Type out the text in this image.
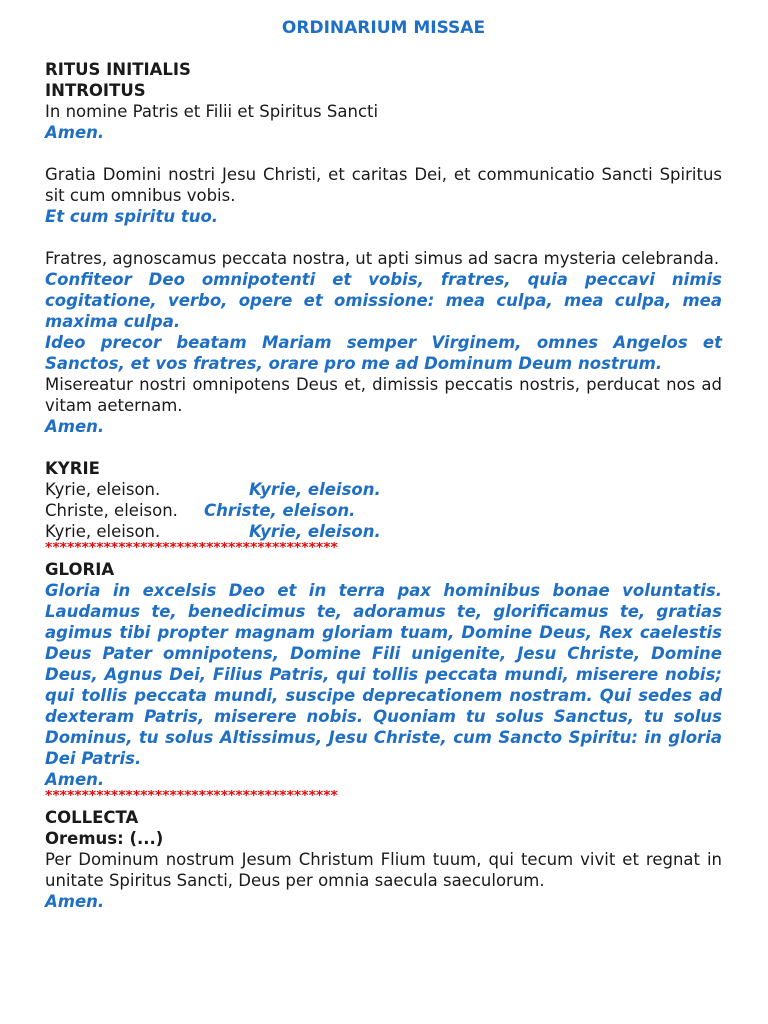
ORDINARIUM MISSAE
RITUS INITIALIS
INTROITUS
In nomine Patris et Filii et Spiritus Sancti
Amen.
Gratia Domini nostri Jesu Christi, et caritas Dei, et communicatio Sancti Spiritus sit cum omnibus vobis.
Et cum spiritu tuo.
Fratres, agnoscamus peccata nostra, ut apti simus ad sacra mysteria celebranda.
Confiteor Deo omnipotenti et vobis, fratres, quia peccavi nimis cogitatione, verbo, opere et omissione: mea culpa, mea culpa, mea maxima culpa.
Ideo precor beatam Mariam semper Virginem, omnes Angelos et Sanctos, et vos fratres, orare pro me ad Dominum Deum nostrum.
Misereatur nostri omnipotens Deus et, dimissis peccatis nostris, perducat nos ad vitam aeternam.
Amen.
KYRIE
Kyrie, eleison.	Kyrie, eleison.
Christe, eleison.	Christe, eleison.
Kyrie, eleison.	Kyrie, eleison.
****************************************
GLORIA
Gloria in excelsis Deo et in terra pax hominibus bonae voluntatis. Laudamus te, benedicimus te, adoramus te, glorificamus te, gratias agimus tibi propter magnam gloriam tuam, Domine Deus, Rex caelestis Deus Pater omnipotens, Domine Fili unigenite, Jesu Christe, Domine Deus, Agnus Dei, Filius Patris, qui tollis peccata mundi, miserere nobis; qui tollis peccata mundi, suscipe deprecationem nostram. Qui sedes ad dexteram Patris, miserere nobis. Quoniam tu solus Sanctus, tu solus Dominus, tu solus Altissimus, Jesu Christe, cum Sancto Spiritu: in gloria Dei Patris.
Amen.
****************************************
COLLECTA
Oremus: (...)
Per Dominum nostrum Jesum Christum Flium tuum, qui tecum vivit et regnat in unitate Spiritus Sancti, Deus per omnia saecula saeculorum.
Amen.
